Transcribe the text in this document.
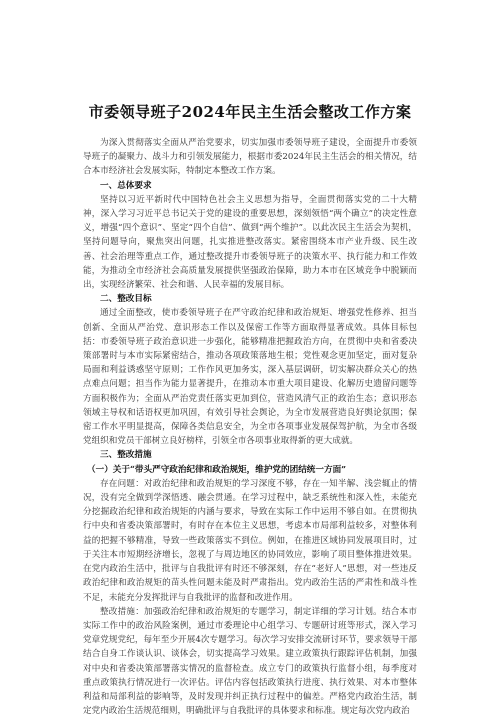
市委领导班子2024年民主生活会整改工作方案

为深入贯彻落实全面从严治党要求，切实加强市委领导班子建设，全面提升市委领导班子的凝聚力、战斗力和引领发展能力，根据市委2024年民主生活会的相关情况，结合本市经济社会发展实际，特制定本整改工作方案。

一、总体要求

坚持以习近平新时代中国特色社会主义思想为指导，全面贯彻落实党的二十大精神，深入学习习近平总书记关于党的建设的重要思想，深刻领悟“两个确立”的决定性意义，增强“四个意识”、坚定“四个自信”、做到“两个维护”。以此次民主生活会为契机，坚持问题导向，聚焦突出问题，扎实推进整改落实。紧密围绕本市产业升级、民生改善、社会治理等重点工作，通过整改提升市委领导班子的决策水平、执行能力和工作效能，为推动全市经济社会高质量发展提供坚强政治保障，助力本市在区域竞争中脱颖而出，实现经济繁荣、社会和谐、人民幸福的发展目标。

二、整改目标

通过全面整改，使市委领导班子在严守政治纪律和政治规矩、增强党性修养、担当创新、全面从严治党、意识形态工作以及保密工作等方面取得显著成效。具体目标包括：市委领导班子政治意识进一步强化，能够精准把握政治方向，在贯彻中央和省委决策部署时与本市实际紧密结合，推动各项政策落地生根；党性观念更加坚定，面对复杂局面和利益诱惑坚守原则；工作作风更加务实，深入基层调研，切实解决群众关心的热点难点问题；担当作为能力显著提升，在推动本市重大项目建设、化解历史遗留问题等方面积极作为；全面从严治党责任落实更加到位，营造风清气正的政治生态；意识形态领域主导权和话语权更加巩固，有效引导社会舆论，为全市发展营造良好舆论氛围；保密工作水平明显提高，保障各类信息安全，为全市各项事业发展保驾护航，为全市各级党组织和党员干部树立良好榜样，引领全市各项事业取得新的更大成就。

三、整改措施
（一）关于“带头严守政治纪律和政治规矩，维护党的团结统一方面”

存在问题：对政治纪律和政治规矩的学习深度不够，存在一知半解、浅尝辄止的情况，没有完全做到学深悟透、融会贯通。在学习过程中，缺乏系统性和深入性，未能充分挖掘政治纪律和政治规矩的内涵与要求，导致在实际工作中运用不够自如。在贯彻执行中央和省委决策部署时，有时存在本位主义思想，考虑本市局部利益较多，对整体利益的把握不够精准，导致一些政策落实不到位。例如，在推进区域协同发展项目时，过于关注本市短期经济增长，忽视了与周边地区的协同效应，影响了项目整体推进效果。在党内政治生活中，批评与自我批评有时还不够深刻，存在“老好人”思想，对一些违反政治纪律和政治规矩的苗头性问题未能及时严肃指出。党内政治生活的严肃性和战斗性不足，未能充分发挥批评与自我批评的监督和改进作用。

整改措施：加强政治纪律和政治规矩的专题学习，制定详细的学习计划。结合本市实际工作中的政治风险案例，通过市委理论中心组学习、专题研讨班等形式，深入学习党章党规党纪，每年至少开展4次专题学习。每次学习安排交流研讨环节，要求领导干部结合自身工作谈认识、谈体会，切实提高学习效果。建立政策执行跟踪评估机制，加强对中央和省委决策部署落实情况的监督检查。成立专门的政策执行监督小组，每季度对重点政策执行情况进行一次评估。评估内容包括政策执行进度、执行效果、对本市整体利益和局部利益的影响等，及时发现并纠正执行过程中的偏差。严格党内政治生活，制定党内政治生活规范细则，明确批评与自我批评的具体要求和标准。规定每次党内政治
